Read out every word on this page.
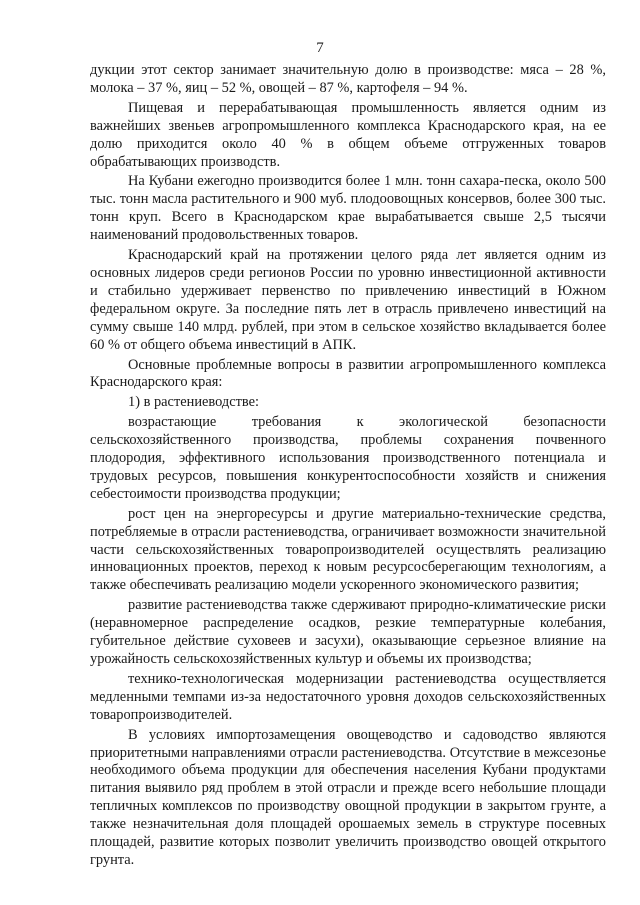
7

дукции этот сектор занимает значительную долю в производстве: мяса – 28 %, молока – 37 %, яиц – 52 %, овощей – 87 %, картофеля – 94 %.

Пищевая и перерабатывающая промышленность является одним из важнейших звеньев агропромышленного комплекса Краснодарского края, на ее долю приходится около 40 % в общем объеме отгруженных товаров обрабатывающих производств.

На Кубани ежегодно производится более 1 млн. тонн сахара-песка, около 500 тыс. тонн масла растительного и 900 муб. плодоовощных консервов, более 300 тыс. тонн круп. Всего в Краснодарском крае вырабатывается свыше 2,5 тысячи наименований продовольственных товаров.

Краснодарский край на протяжении целого ряда лет является одним из основных лидеров среди регионов России по уровню инвестиционной активности и стабильно удерживает первенство по привлечению инвестиций в Южном федеральном округе. За последние пять лет в отрасль привлечено инвестиций на сумму свыше 140 млрд. рублей, при этом в сельское хозяйство вкладывается более 60 % от общего объема инвестиций в АПК.

Основные проблемные вопросы в развитии агропромышленного комплекса Краснодарского края:

1) в растениеводстве:

возрастающие требования к экологической безопасности сельскохозяйственного производства, проблемы сохранения почвенного плодородия, эффективного использования производственного потенциала и трудовых ресурсов, повышения конкурентоспособности хозяйств и снижения себестоимости производства продукции;

рост цен на энергоресурсы и другие материально-технические средства, потребляемые в отрасли растениеводства, ограничивает возможности значительной части сельскохозяйственных товаропроизводителей осуществлять реализацию инновационных проектов, переход к новым ресурсосберегающим технологиям, а также обеспечивать реализацию модели ускоренного экономического развития;

развитие растениеводства также сдерживают природно-климатические риски (неравномерное распределение осадков, резкие температурные колебания, губительное действие суховеев и засухи), оказывающие серьезное влияние на урожайность сельскохозяйственных культур и объемы их производства;

технико-технологическая модернизации растениеводства осуществляется медленными темпами из-за недостаточного уровня доходов сельскохозяйственных товаропроизводителей.

В условиях импортозамещения овощеводство и садоводство являются приоритетными направлениями отрасли растениеводства. Отсутствие в межсезонье необходимого объема продукции для обеспечения населения Кубани продуктами питания выявило ряд проблем в этой отрасли и прежде всего небольшие площади тепличных комплексов по производству овощной продукции в закрытом грунте, а также незначительная доля площадей орошаемых земель в структуре посевных площадей, развитие которых позволит увеличить производство овощей открытого грунта.
